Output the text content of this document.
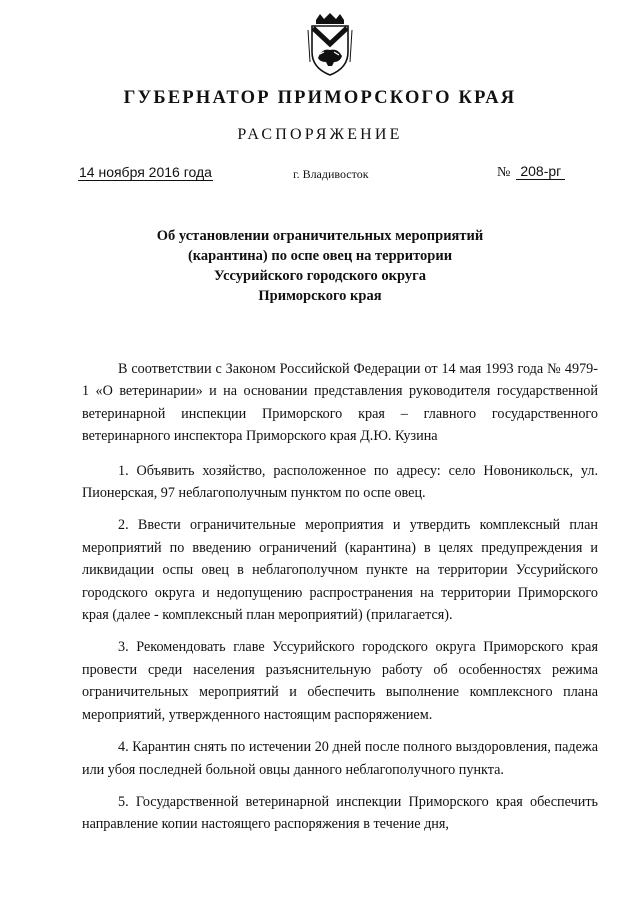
ГУБЕРНАТОР ПРИМОРСКОГО КРАЯ
РАСПОРЯЖЕНИЕ
14 ноября 2016 года	г. Владивосток	№ 208-рг
Об установлении ограничительных мероприятий
(карантина) по оспе овец на территории
Уссурийского городского округа
Приморского края

В соответствии с Законом Российской Федерации от 14 мая 1993 года № 4979-1 «О ветеринарии» и на основании представления руководителя государственной ветеринарной инспекции Приморского края – главного государственного ветеринарного инспектора Приморского края Д.Ю. Кузина

1. Объявить хозяйство, расположенное по адресу: село Новоникольск, ул. Пионерская, 97 неблагополучным пунктом по оспе овец.

2. Ввести ограничительные мероприятия и утвердить комплексный план мероприятий по введению ограничений (карантина) в целях предупреждения и ликвидации оспы овец в неблагополучном пункте на территории Уссурийского городского округа и недопущению распространения на территории Приморского края (далее - комплексный план мероприятий) (прилагается).

3. Рекомендовать главе Уссурийского городского округа Приморского края провести среди населения разъяснительную работу об особенностях режима ограничительных мероприятий и обеспечить выполнение комплексного плана мероприятий, утвержденного настоящим распоряжением.

4. Карантин снять по истечении 20 дней после полного выздоровления, падежа или убоя последней больной овцы данного неблагополучного пункта.

5. Государственной ветеринарной инспекции Приморского края обеспечить направление копии настоящего распоряжения в течение дня,
